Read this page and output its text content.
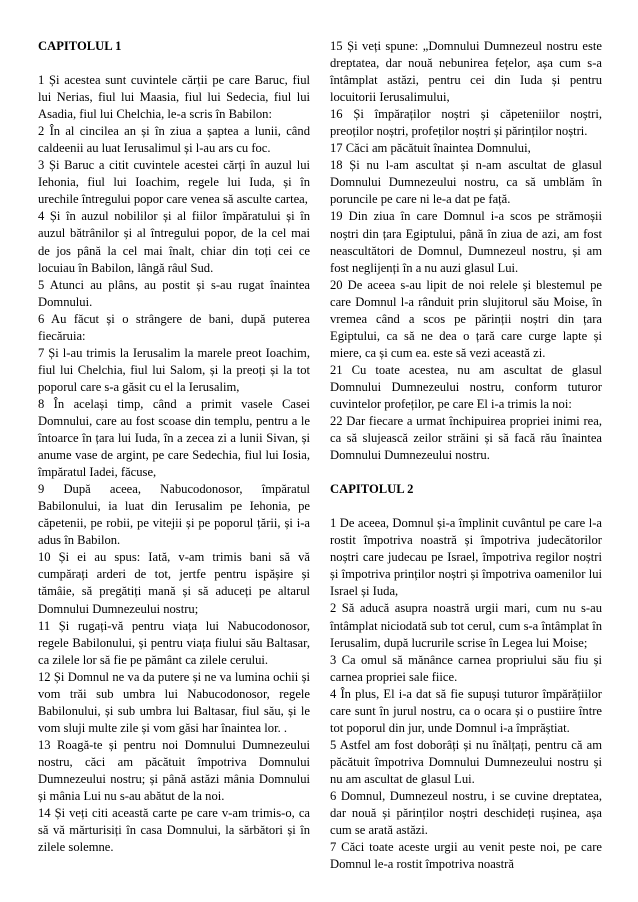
CAPITOLUL 1

1 Și acestea sunt cuvintele cărții pe care Baruc, fiul lui Nerias, fiul lui Maasia, fiul lui Sedecia, fiul lui Asadia, fiul lui Chelchia, le-a scris în Babilon:

2 În al cincilea an și în ziua a șaptea a lunii, când caldeenii au luat Ierusalimul și l-au ars cu foc.

3 Și Baruc a citit cuvintele acestei cărți în auzul lui Iehonia, fiul lui Ioachim, regele lui Iuda, și în urechile întregului popor care venea să asculte cartea,

4 Și în auzul nobililor și al fiilor împăratului și în auzul bătrânilor și al întregului popor, de la cel mai de jos până la cel mai înalt, chiar din toți cei ce locuiau în Babilon, lângă râul Sud.

5 Atunci au plâns, au postit și s-au rugat înaintea Domnului.

6 Au făcut și o strângere de bani, după puterea fiecăruia:

7 Și l-au trimis la Ierusalim la marele preot Ioachim, fiul lui Chelchia, fiul lui Salom, și la preoți și la tot poporul care s-a găsit cu el la Ierusalim,

8 În același timp, când a primit vasele Casei Domnului, care au fost scoase din templu, pentru a le întoarce în țara lui Iuda, în a zecea zi a lunii Sivan, și anume vase de argint, pe care Sedechia, fiul lui Iosia, împăratul Iadei, făcuse,

9 După aceea, Nabucodonosor, împăratul Babilonului, ia luat din Ierusalim pe Iehonia, pe căpetenii, pe robii, pe vitejii și pe poporul țării, și i-a adus în Babilon.

10 Și ei au spus: Iată, v-am trimis bani să vă cumpărați arderi de tot, jertfe pentru ispășire și tămâie, să pregătiți mană și să aduceți pe altarul Domnului Dumnezeului nostru;

11 Și rugați-vă pentru viața lui Nabucodonosor, regele Babilonului, și pentru viața fiului său Baltasar, ca zilele lor să fie pe pământ ca zilele cerului.

12 Și Domnul ne va da putere și ne va lumina ochii și vom trăi sub umbra lui Nabucodonosor, regele Babilonului, și sub umbra lui Baltasar, fiul său, și le vom sluji multe zile și vom găsi har înaintea lor. .

13 Roagă-te și pentru noi Domnului Dumnezeului nostru, căci am păcătuit împotriva Domnului Dumnezeului nostru; și până astăzi mânia Domnului și mânia Lui nu s-au abătut de la noi.

14 Și veți citi această carte pe care v-am trimis-o, ca să vă mărturisiți în casa Domnului, la sărbători și în zilele solemne.

15 Și veți spune: „Domnului Dumnezeul nostru este dreptatea, dar nouă nebunirea fețelor, așa cum s-a întâmplat astăzi, pentru cei din Iuda și pentru locuitorii Ierusalimului,

16 Și împăraților noștri și căpeteniilor noștri, preoților noștri, profeților noștri și părinților noștri.

17 Căci am păcătuit înaintea Domnului,

18 Și nu l-am ascultat și n-am ascultat de glasul Domnului Dumnezeului nostru, ca să umblăm în poruncile pe care ni le-a dat pe față.

19 Din ziua în care Domnul i-a scos pe strămoșii noștri din țara Egiptului, până în ziua de azi, am fost neascultători de Domnul, Dumnezeul nostru, și am fost neglijenți în a nu auzi glasul Lui.

20 De aceea s-au lipit de noi relele și blestemul pe care Domnul l-a rânduit prin slujitorul său Moise, în vremea când a scos pe părinții noștri din țara Egiptului, ca să ne dea o țară care curge lapte și miere, ca și cum ea. este să vezi această zi.

21 Cu toate acestea, nu am ascultat de glasul Domnului Dumnezeului nostru, conform tuturor cuvintelor profeților, pe care El i-a trimis la noi:

22 Dar fiecare a urmat închipuirea propriei inimi rea, ca să slujească zeilor străini și să facă rău înaintea Domnului Dumnezeului nostru.

CAPITOLUL 2

1 De aceea, Domnul și-a împlinit cuvântul pe care l-a rostit împotriva noastră și împotriva judecătorilor noștri care judecau pe Israel, împotriva regilor noștri și împotriva prinților noștri și împotriva oamenilor lui Israel și Iuda,

2 Să aducă asupra noastră urgii mari, cum nu s-au întâmplat niciodată sub tot cerul, cum s-a întâmplat în Ierusalim, după lucrurile scrise în Legea lui Moise;

3 Ca omul să mănânce carnea propriului său fiu și carnea propriei sale fiice.

4 În plus, El i-a dat să fie supuși tuturor împărățiilor care sunt în jurul nostru, ca o ocara și o pustiire între tot poporul din jur, unde Domnul i-a împrăștiat.

5 Astfel am fost doborâți și nu înălțați, pentru că am păcătuit împotriva Domnului Dumnezeului nostru și nu am ascultat de glasul Lui.

6 Domnul, Dumnezeul nostru, i se cuvine dreptatea, dar nouă și părinților noștri deschideți rușinea, așa cum se arată astăzi.

7 Căci toate aceste urgii au venit peste noi, pe care Domnul le-a rostit împotriva noastră
